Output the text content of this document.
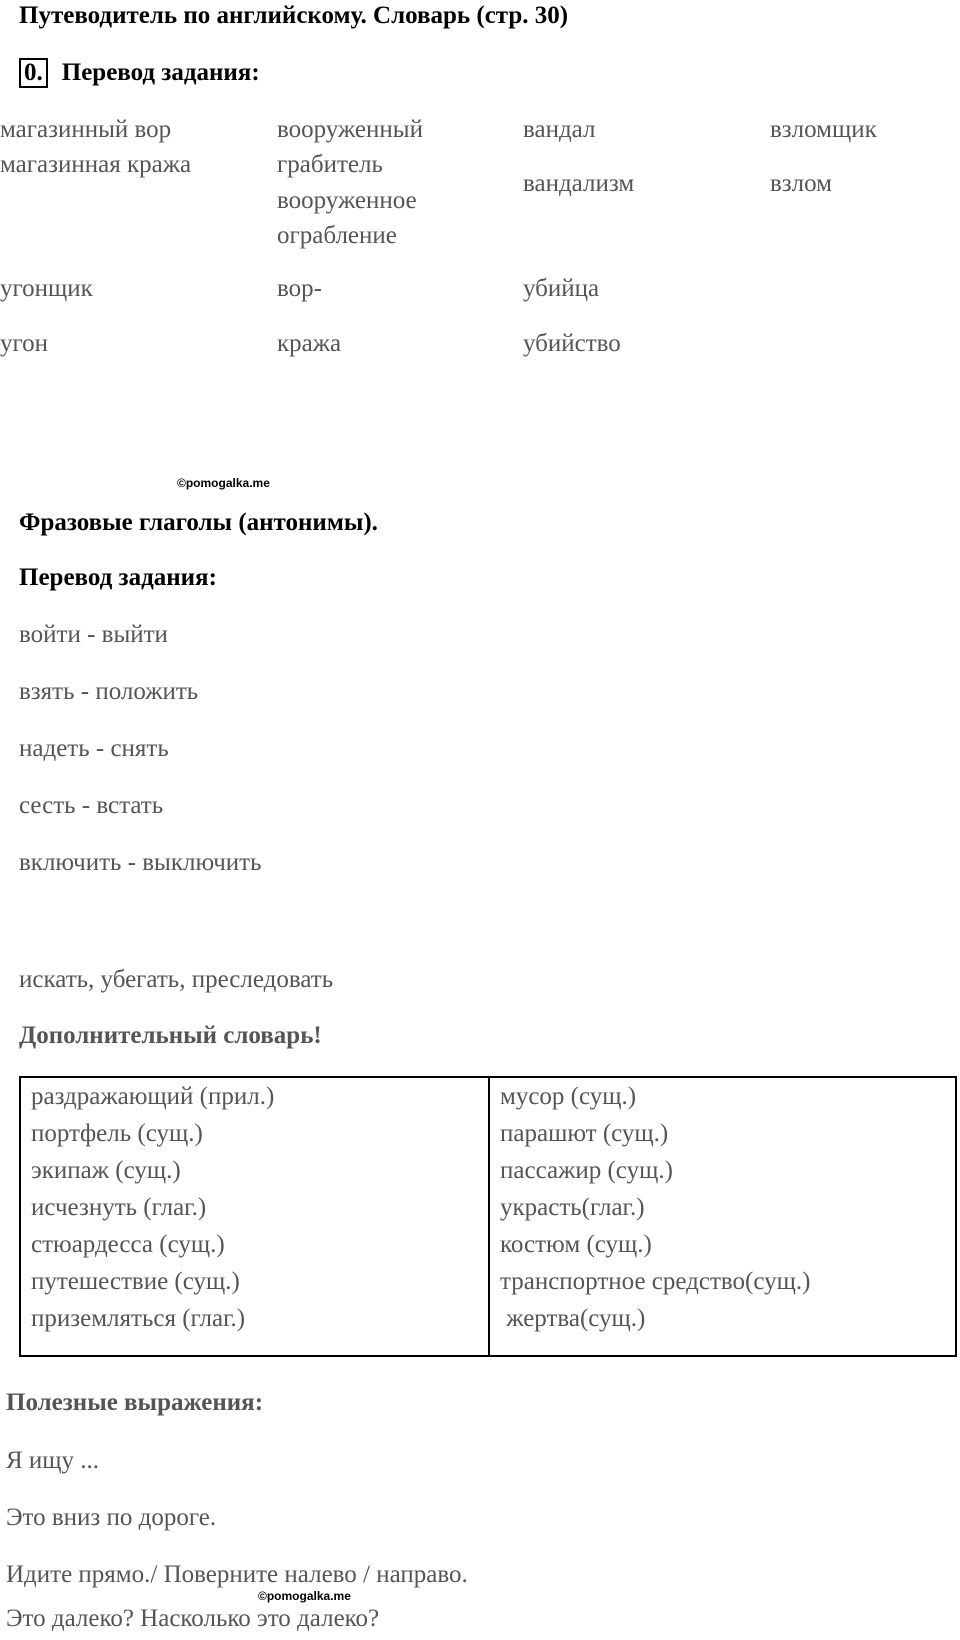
Путеводитель по английскому. Словарь (стр. 30)
0. Перевод задания:
магазинный вор
магазинная кража
угонщик
угон
вооруженный
грабитель
вооруженное
ограбление
вор-
кража
вандал
вандализм
убийца
убийство
взломщик
взлом
©pomogalka.me
Фразовые глаголы (антонимы).
Перевод задания:
войти - выйти
взять - положить
надеть - снять
сесть - встать
включить - выключить
искать, убегать, преследовать
Дополнительный словарь!
раздражающий (прил.)
портфель (сущ.)
экипаж (сущ.)
исчезнуть (глаг.)
стюардесса (сущ.)
путешествие (сущ.)
приземляться (глаг.)
мусор (сущ.)
парашют (сущ.)
пассажир (сущ.)
украсть(глаг.)
костюм (сущ.)
транспортное средство(сущ.)
жертва(сущ.)
Полезные выражения:
Я ищу ...
Это вниз по дороге.
Идите прямо./ Поверните налево / направо.
©pomogalka.me
Это далеко? Насколько это далеко?
